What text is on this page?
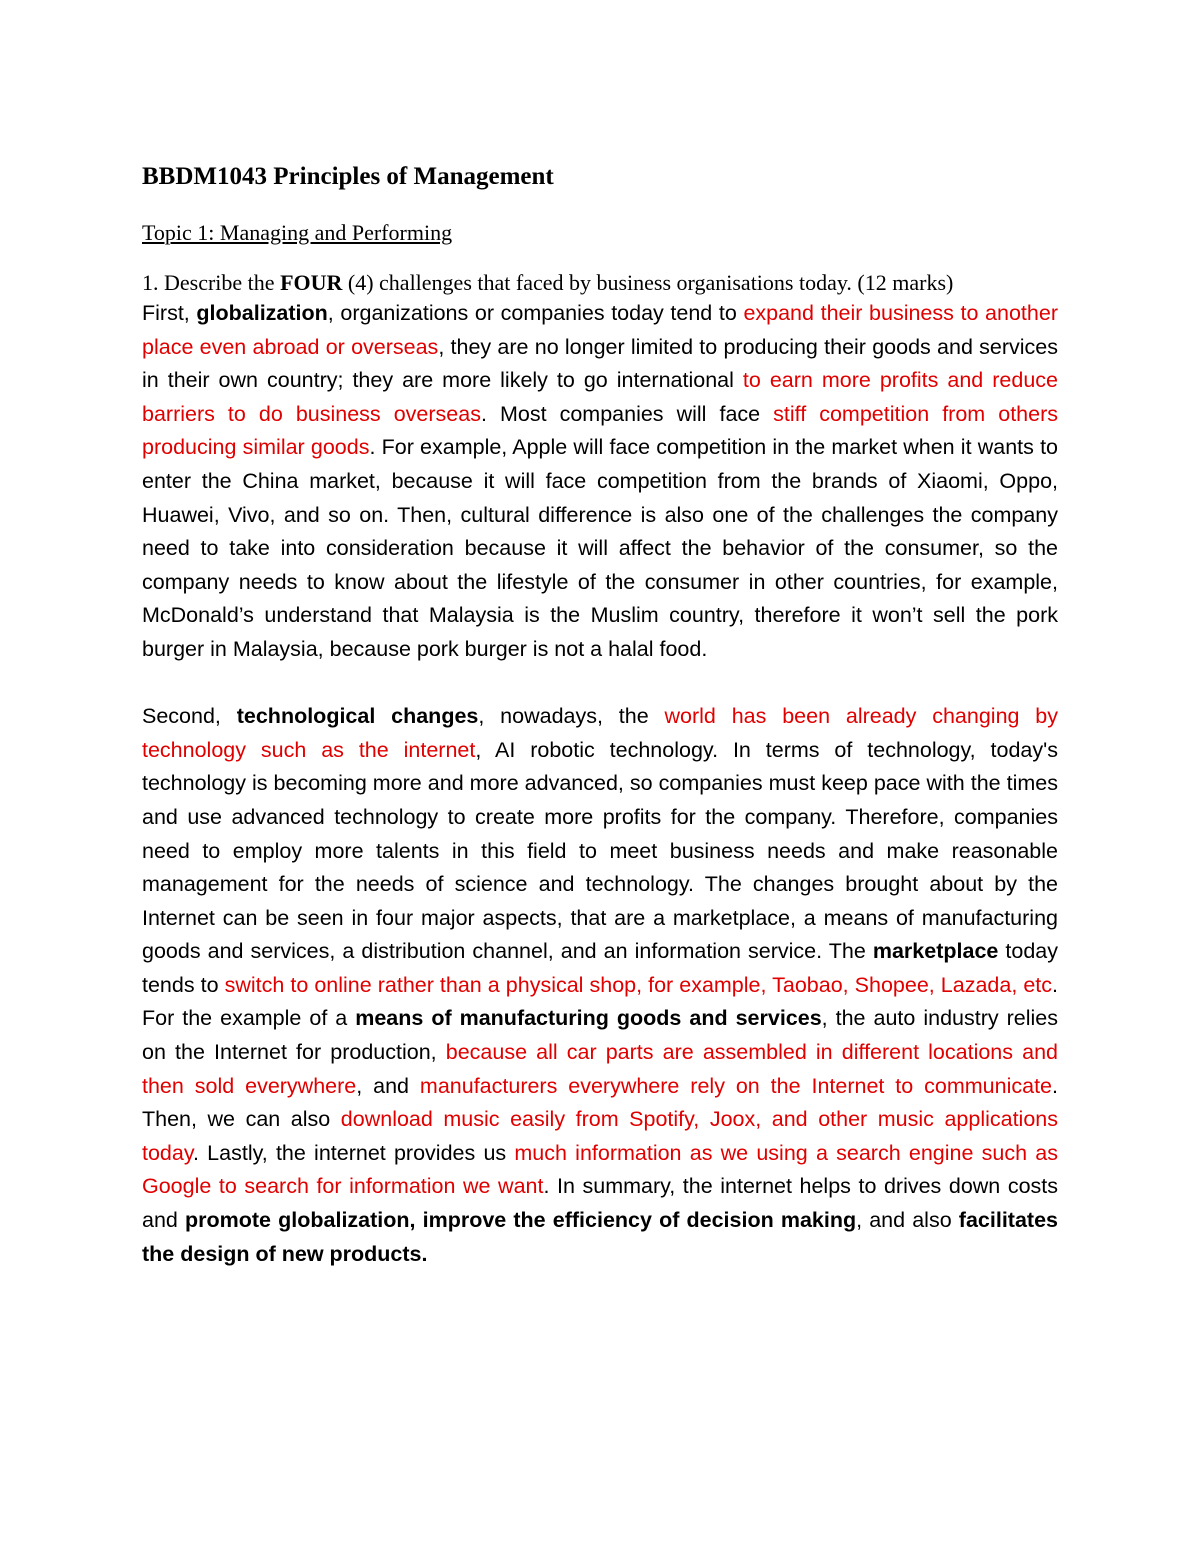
BBDM1043 Principles of Management
Topic 1: Managing and Performing

1. Describe the FOUR (4) challenges that faced by business organisations today. (12 marks)

First, globalization, organizations or companies today tend to expand their business to another place even abroad or overseas, they are no longer limited to producing their goods and services in their own country; they are more likely to go international to earn more profits and reduce barriers to do business overseas. Most companies will face stiff competition from others producing similar goods. For example, Apple will face competition in the market when it wants to enter the China market, because it will face competition from the brands of Xiaomi, Oppo, Huawei, Vivo, and so on. Then, cultural difference is also one of the challenges the company need to take into consideration because it will affect the behavior of the consumer, so the company needs to know about the lifestyle of the consumer in other countries, for example, McDonald’s understand that Malaysia is the Muslim country, therefore it won’t sell the pork burger in Malaysia, because pork burger is not a halal food.

Second, technological changes, nowadays, the world has been already changing by technology such as the internet, AI robotic technology. In terms of technology, today's technology is becoming more and more advanced, so companies must keep pace with the times and use advanced technology to create more profits for the company. Therefore, companies need to employ more talents in this field to meet business needs and make reasonable management for the needs of science and technology. The changes brought about by the Internet can be seen in four major aspects, that are a marketplace, a means of manufacturing goods and services, a distribution channel, and an information service. The marketplace today tends to switch to online rather than a physical shop, for example, Taobao, Shopee, Lazada, etc. For the example of a means of manufacturing goods and services, the auto industry relies on the Internet for production, because all car parts are assembled in different locations and then sold everywhere, and manufacturers everywhere rely on the Internet to communicate. Then, we can also download music easily from Spotify, Joox, and other music applications today. Lastly, the internet provides us much information as we using a search engine such as Google to search for information we want. In summary, the internet helps to drives down costs and promote globalization, improve the efficiency of decision making, and also facilitates the design of new products.
